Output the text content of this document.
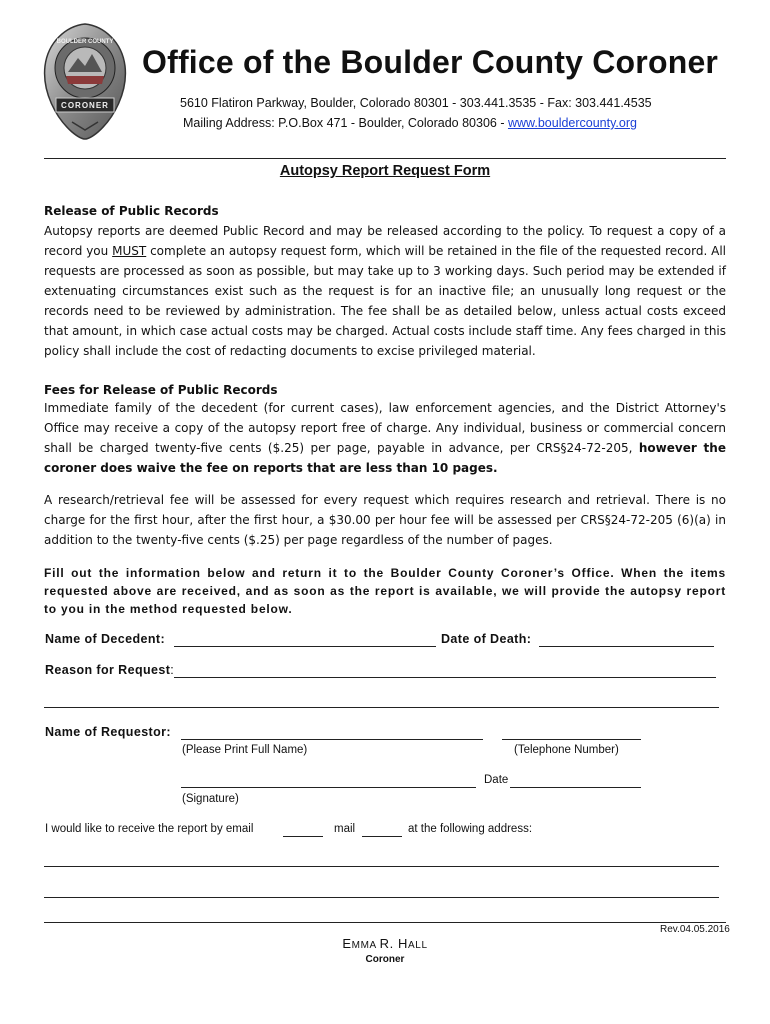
BOULDER COUNTY
CORONER
Office of the Boulder County Coroner
5610 Flatiron Parkway, Boulder, Colorado 80301 - 303.441.3535 - Fax: 303.441.4535
Mailing Address: P.O.Box 471 - Boulder, Colorado 80306 - www.bouldercounty.org
Autopsy Report Request Form
Release of Public Records
Autopsy reports are deemed Public Record and may be released according to the policy. To request a copy of a record you MUST complete an autopsy request form, which will be retained in the file of the requested record. All requests are processed as soon as possible, but may take up to 3 working days. Such period may be extended if extenuating circumstances exist such as the request is for an inactive file; an unusually long request or the records need to be reviewed by administration. The fee shall be as detailed below, unless actual costs exceed that amount, in which case actual costs may be charged. Actual costs include staff time. Any fees charged in this policy shall include the cost of redacting documents to excise privileged material.
Fees for Release of Public Records
Immediate family of the decedent (for current cases), law enforcement agencies, and the District Attorney's Office may receive a copy of the autopsy report free of charge. Any individual, business or commercial concern shall be charged twenty-five cents ($.25) per page, payable in advance, per CRS§24-72-205, however the coroner does waive the fee on reports that are less than 10 pages.
A research/retrieval fee will be assessed for every request which requires research and retrieval. There is no charge for the first hour, after the first hour, a $30.00 per hour fee will be assessed per CRS§24-72-205 (6)(a) in addition to the twenty-five cents ($.25) per page regardless of the number of pages.
Fill out the information below and return it to the Boulder County Coroner’s Office. When the items requested above are received, and as soon as the report is available, we will provide the autopsy report to you in the method requested below.
Name of Decedent:	Date of Death:
Reason for Request:
Name of Requestor:
(Please Print Full Name)	(Telephone Number)
Date
(Signature)
I would like to receive the report by email	mail	at the following address:
Rev.04.05.2016
EMMA R. HALL
Coroner
